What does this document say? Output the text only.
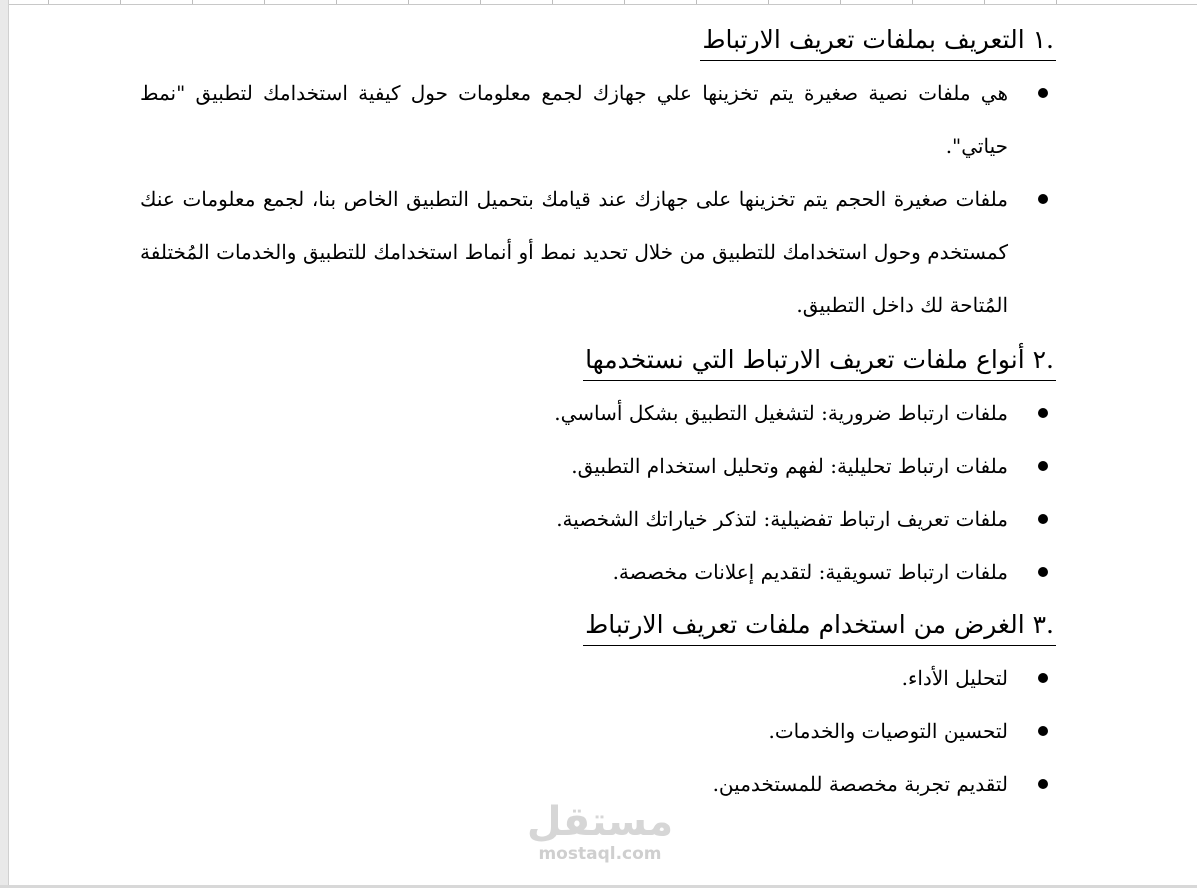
.١ التعريف بملفات تعريف الارتباط
هي ملفات نصية صغيرة يتم تخزينها علي جهازك لجمع معلومات حول كيفية استخدامك لتطبيق "نمط حياتي".
ملفات صغيرة الحجم يتم تخزينها على جهازك عند قيامك بتحميل التطبيق الخاص بنا، لجمع معلومات عنك كمستخدم وحول استخدامك للتطبيق من خلال تحديد نمط أو أنماط استخدامك للتطبيق والخدمات المُختلفة المُتاحة لك داخل التطبيق.
.٢ أنواع ملفات تعريف الارتباط التي نستخدمها
ملفات ارتباط ضرورية: لتشغيل التطبيق بشكل أساسي.
ملفات ارتباط تحليلية: لفهم وتحليل استخدام التطبيق.
ملفات تعريف ارتباط تفضيلية: لتذكر خياراتك الشخصية.
ملفات ارتباط تسويقية: لتقديم إعلانات مخصصة.
.٣ الغرض من استخدام ملفات تعريف الارتباط
لتحليل الأداء.
لتحسين التوصيات والخدمات.
لتقديم تجربة مخصصة للمستخدمين.
مستقل
mostaql.com
